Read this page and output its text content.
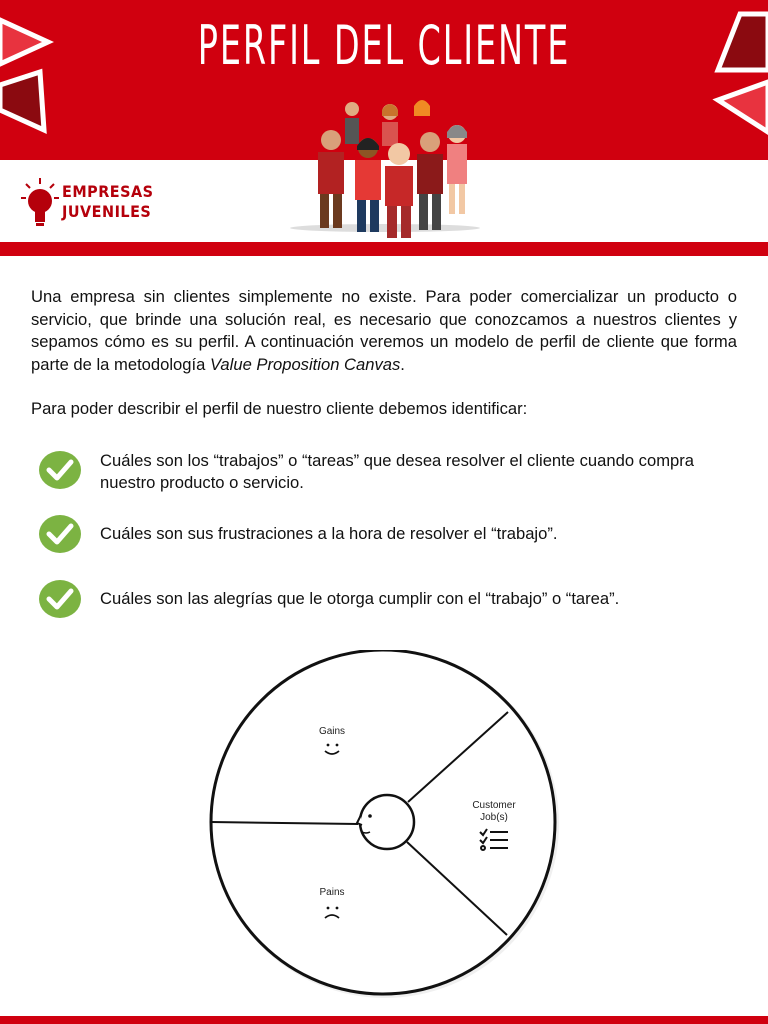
PERFIL DEL CLIENTE
EMPRESAS
JUVENILES
Una empresa sin clientes simplemente no existe. Para poder comercializar un producto o servicio, que brinde una solución real, es necesario que conozcamos a nuestros clientes y sepamos cómo es su perfil. A continuación veremos un modelo de perfil de cliente que forma parte de la metodología Value Proposition Canvas.
Para poder describir el perfil de nuestro cliente debemos identificar:
Cuáles son los “trabajos” o “tareas” que desea resolver el cliente cuando compra nuestro producto o servicio.
Cuáles son sus frustraciones a la hora de resolver el “trabajo”.
Cuáles son las alegrías que le otorga cumplir con el “trabajo” o “tarea”.
Gains
Pains
Customer
Job(s)
